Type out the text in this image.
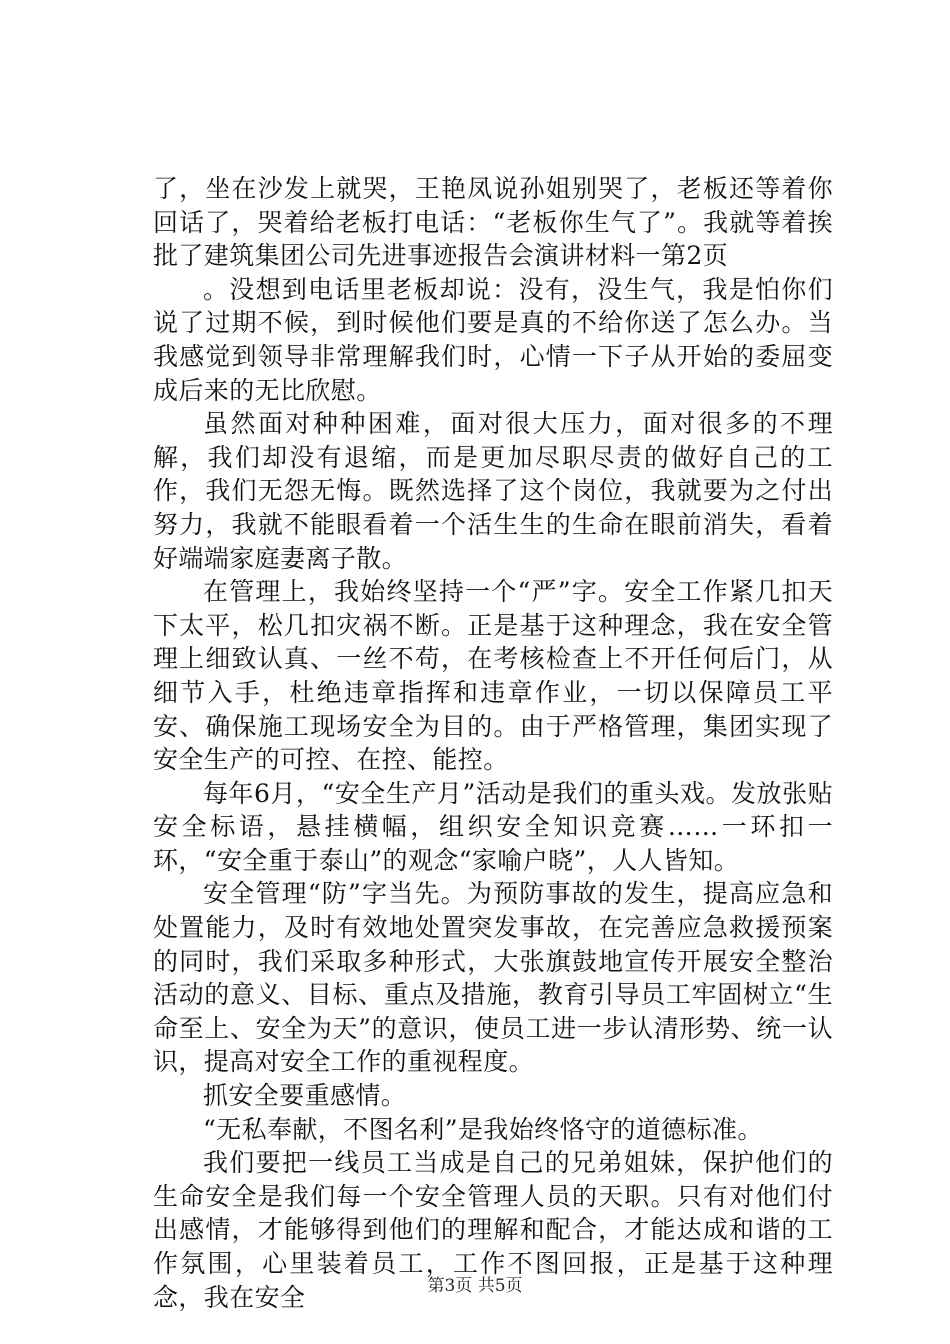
了，坐在沙发上就哭，王艳凤说孙姐别哭了，老板还等着你回话了，哭着给老板打电话：“老板你生气了”。我就等着挨批了建筑集团公司先进事迹报告会演讲材料一第2页

。没想到电话里老板却说：没有，没生气，我是怕你们说了过期不候，到时候他们要是真的不给你送了怎么办。当我感觉到领导非常理解我们时，心情一下子从开始的委屈变成后来的无比欣慰。

虽然面对种种困难，面对很大压力，面对很多的不理解，我们却没有退缩，而是更加尽职尽责的做好自己的工作，我们无怨无悔。既然选择了这个岗位，我就要为之付出努力，我就不能眼看着一个活生生的生命在眼前消失，看着好端端家庭妻离子散。

在管理上，我始终坚持一个“严”字。安全工作紧几扣天下太平，松几扣灾祸不断。正是基于这种理念，我在安全管理上细致认真、一丝不苟，在考核检查上不开任何后门，从细节入手，杜绝违章指挥和违章作业，一切以保障员工平安、确保施工现场安全为目的。由于严格管理，集团实现了安全生产的可控、在控、能控。

每年6月，“安全生产月”活动是我们的重头戏。发放张贴安全标语，悬挂横幅，组织安全知识竞赛……一环扣一环，“安全重于泰山”的观念“家喻户晓”，人人皆知。

安全管理“防”字当先。为预防事故的发生，提高应急和处置能力，及时有效地处置突发事故，在完善应急救援预案的同时，我们采取多种形式，大张旗鼓地宣传开展安全整治活动的意义、目标、重点及措施，教育引导员工牢固树立“生命至上、安全为天”的意识，使员工进一步认清形势、统一认识，提高对安全工作的重视程度。

抓安全要重感情。

“无私奉献，不图名利”是我始终恪守的道德标准。

我们要把一线员工当成是自己的兄弟姐妹，保护他们的生命安全是我们每一个安全管理人员的天职。只有对他们付出感情，才能够得到他们的理解和配合，才能达成和谐的工作氛围，心里装着员工，工作不图回报，正是基于这种理念，我在安全	第3页 共5页
